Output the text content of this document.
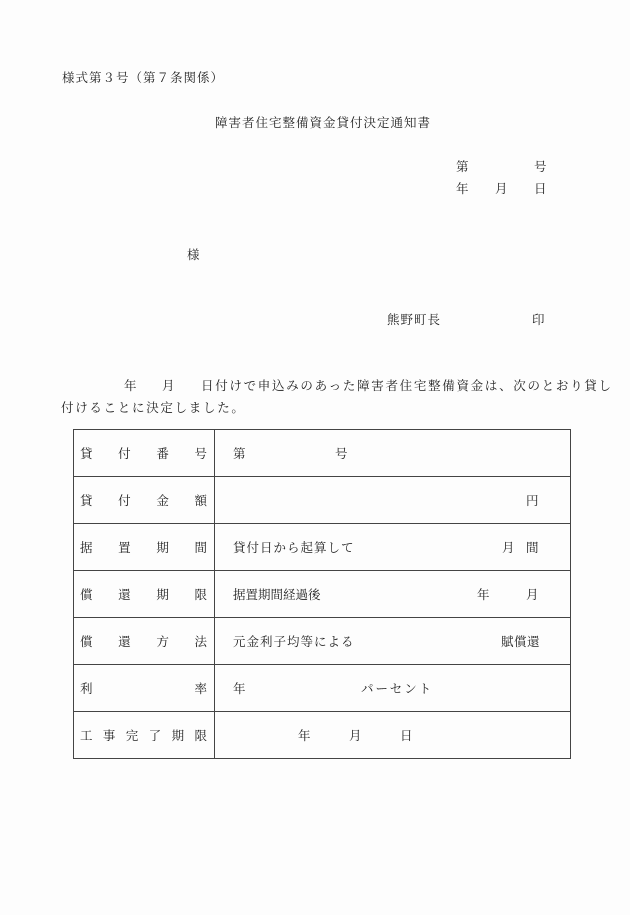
様式第３号（第７条関係）
障害者住宅整備資金貸付決定通知書
第	号
年 月 日
様
熊野町長	印
年 月 日付けで申込みのあった障害者住宅整備資金は、次のとおり貸し
付けることに決定しました。
貸 付 番 号	第 号

貸 付 金 額	円

据 置 期 間	貸付日から起算して 月 間

償 還 期 限	据置期間経過後 年 月

償 還 方 法	元金利子均等による 賦償還

利 率	年 パーセント

工 事 完 了 期 限	年	月	日
